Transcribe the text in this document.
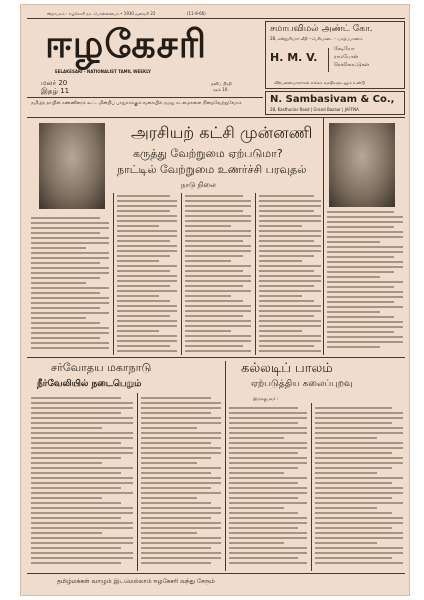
ஸ்தாபகம் : ஈழகேசரி நா. பொன்னையா • 1930 ஜனவரி 22	(11-9-66)
ஈழகேசரி
EELAKESARI - NATIONALIST TAMIL WEEKLY
மலர் 20
இதழ் 11
தனிப் பிரதி
சதம் 10
சமாபவிமல் அண்ட் கோ.
28, கஸ்தூரியார் வீதி - பெரியகடை - யாழ்ப்பாணம்
H. M. V.
ரேடியோ
ராமபோன்
ரெக்கோட்டுகள்
விற்பனையாளர்கள் எல்லா வசதிகளுடனும் உண்டு
N. Sambasivam & Co.,
28, Kasthuriar Road | Grand Bazaar | JAFFNA
தமிழ்த் தாயின் கண்ணீரைக் கூட்டமின்றிப் பாதுகாக்கும் வகையில் நமது கடமைகளை நிறைவேற்றுவோம்
அரசியற் கட்சி முன்னணி
கருத்து வேற்றுமை ஏற்படுமா?
நாட்டில் வேற்றுமை உணர்ச்சி பரவுதல்
நாடு நிலை
சர்வோதய மகாநாடு
நீர்வேலியில் நடைபெறும்
கல்லடிப் பாலம்
ஏற்படுத்திய கலைப்புறவு
இருக்குபவர் :
தமிழ்மக்கள் வாழும் இடமெல்லாம் ஈழகேசரி வந்து சேரும்
